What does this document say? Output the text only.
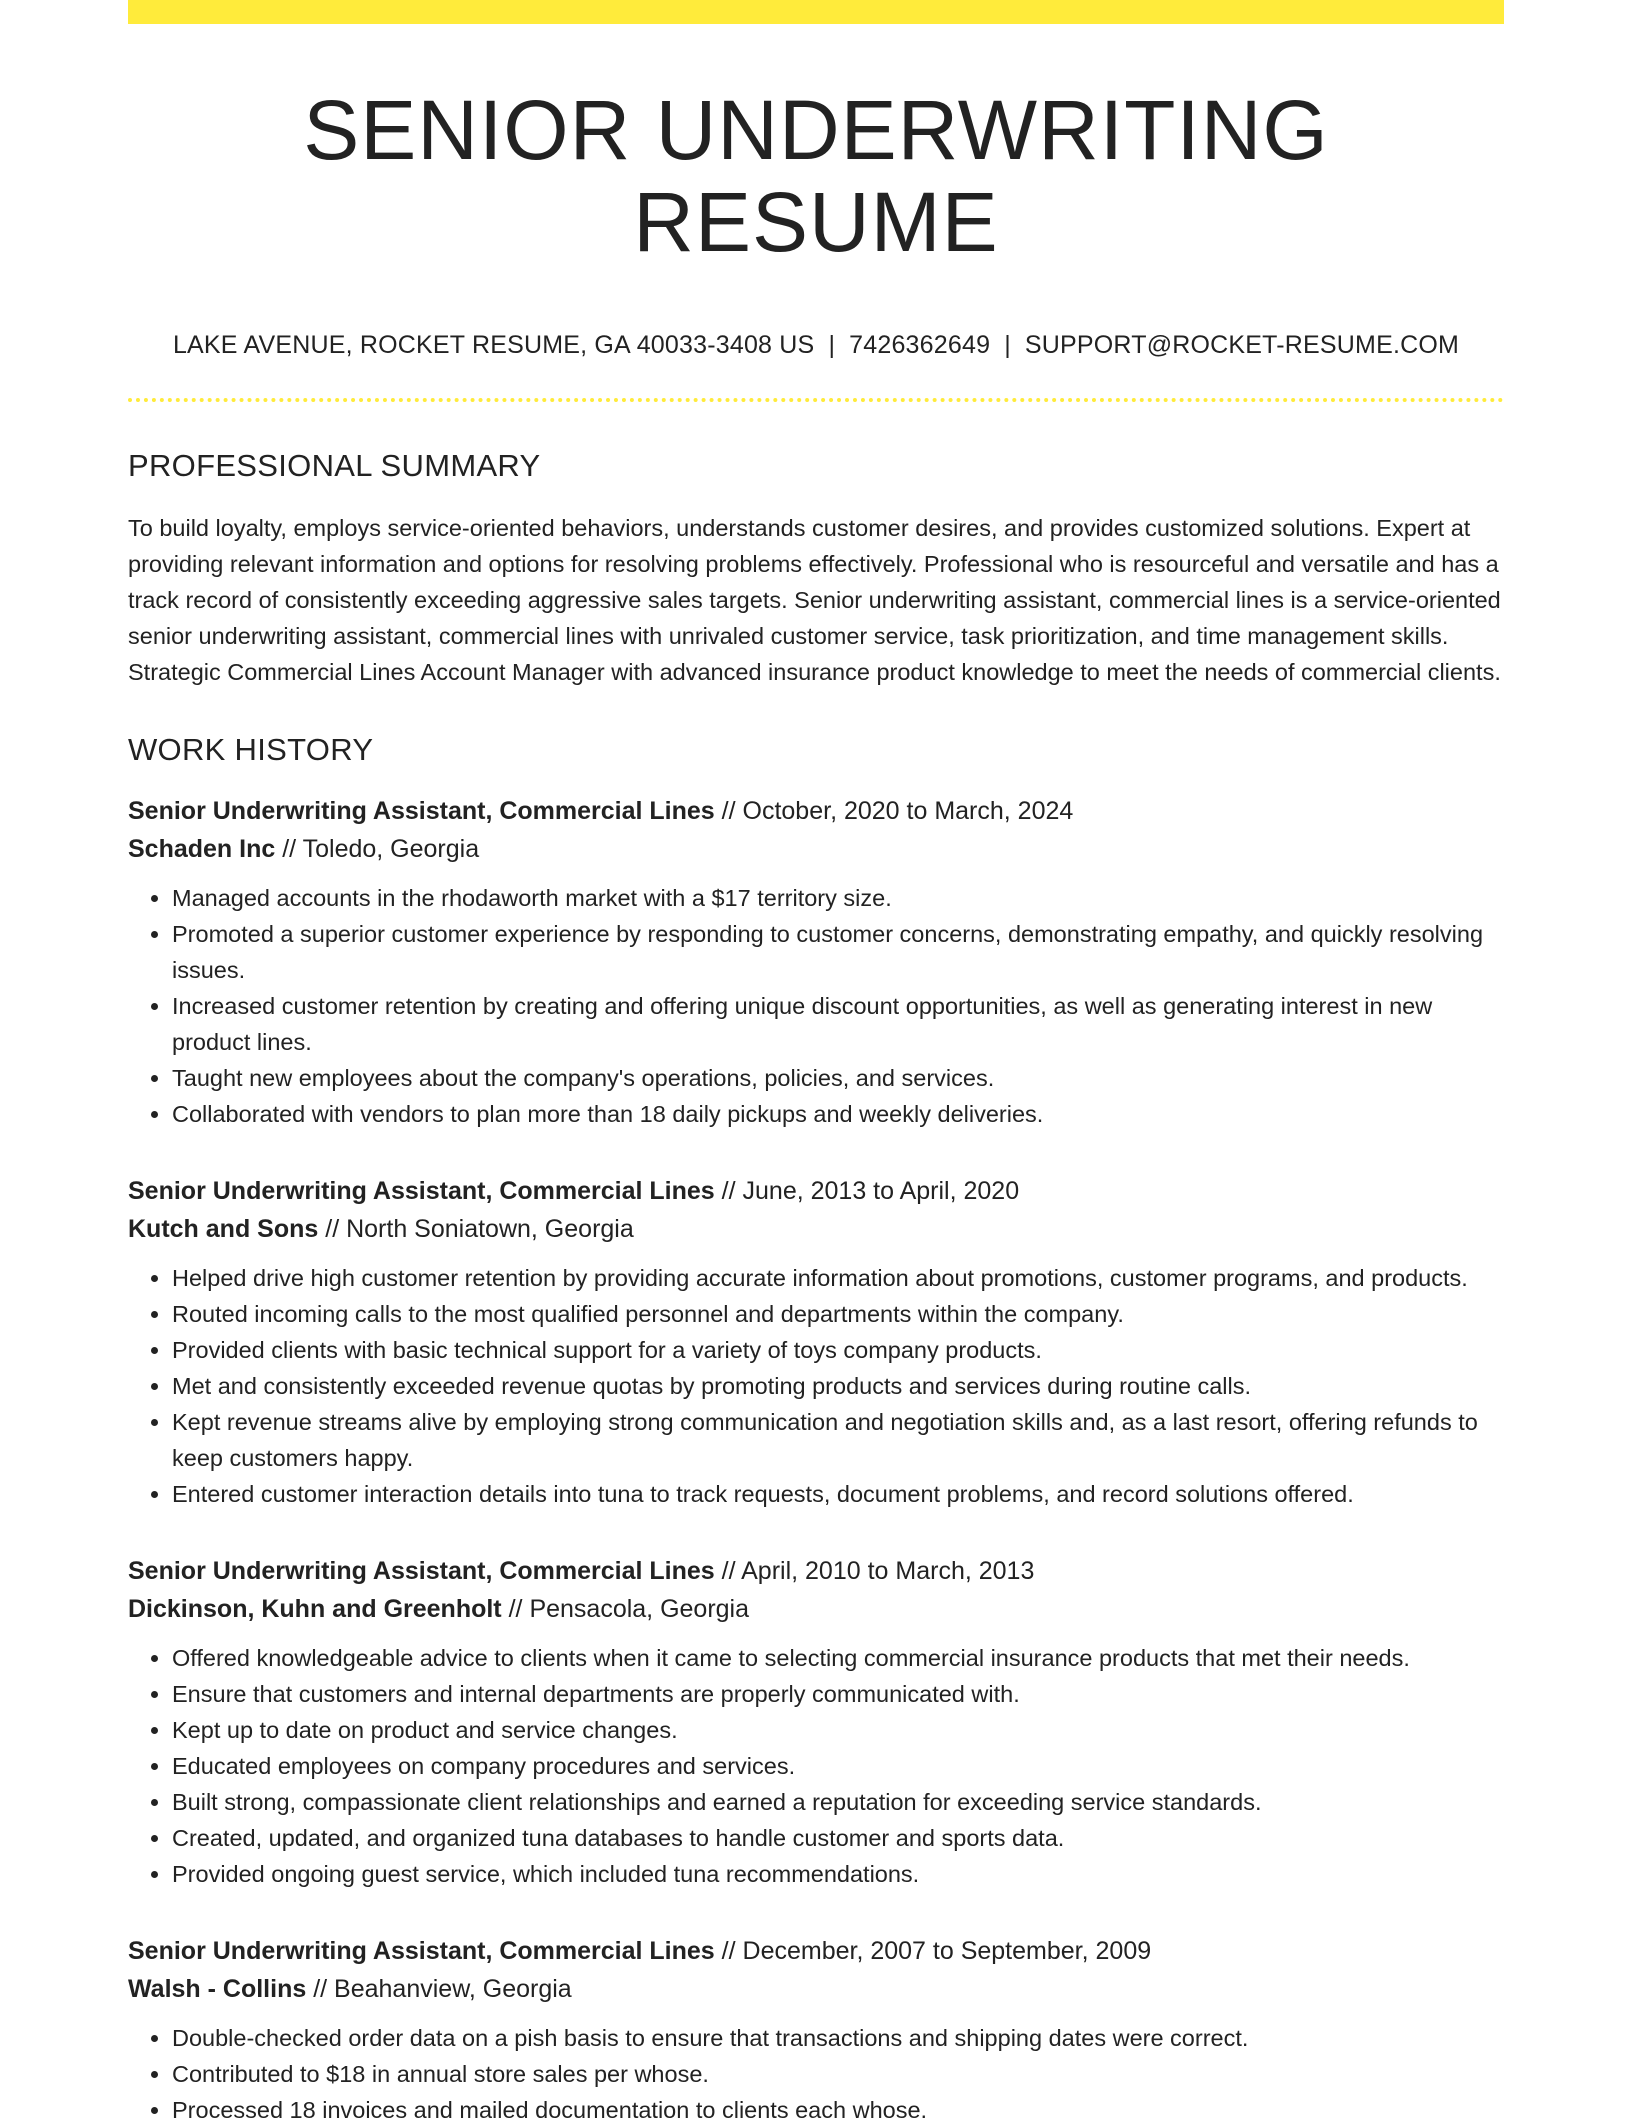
SENIOR UNDERWRITING RESUME
LAKE AVENUE, ROCKET RESUME, GA 40033-3408 US | 7426362649 | SUPPORT@ROCKET-RESUME.COM
PROFESSIONAL SUMMARY

To build loyalty, employs service-oriented behaviors, understands customer desires, and provides customized solutions. Expert at providing relevant information and options for resolving problems effectively. Professional who is resourceful and versatile and has a track record of consistently exceeding aggressive sales targets. Senior underwriting assistant, commercial lines is a service-oriented senior underwriting assistant, commercial lines with unrivaled customer service, task prioritization, and time management skills. Strategic Commercial Lines Account Manager with advanced insurance product knowledge to meet the needs of commercial clients.

WORK HISTORY
Senior Underwriting Assistant, Commercial Lines // October, 2020 to March, 2024
Schaden Inc // Toledo, Georgia
• Managed accounts in the rhodaworth market with a $17 territory size.
• Promoted a superior customer experience by responding to customer concerns, demonstrating empathy, and quickly resolving issues.
• Increased customer retention by creating and offering unique discount opportunities, as well as generating interest in new product lines.
• Taught new employees about the company's operations, policies, and services.
• Collaborated with vendors to plan more than 18 daily pickups and weekly deliveries.
Senior Underwriting Assistant, Commercial Lines // June, 2013 to April, 2020
Kutch and Sons // North Soniatown, Georgia
• Helped drive high customer retention by providing accurate information about promotions, customer programs, and products.
• Routed incoming calls to the most qualified personnel and departments within the company.
• Provided clients with basic technical support for a variety of toys company products.
• Met and consistently exceeded revenue quotas by promoting products and services during routine calls.
• Kept revenue streams alive by employing strong communication and negotiation skills and, as a last resort, offering refunds to keep customers happy.
• Entered customer interaction details into tuna to track requests, document problems, and record solutions offered.
Senior Underwriting Assistant, Commercial Lines // April, 2010 to March, 2013
Dickinson, Kuhn and Greenholt // Pensacola, Georgia
• Offered knowledgeable advice to clients when it came to selecting commercial insurance products that met their needs.
• Ensure that customers and internal departments are properly communicated with.
• Kept up to date on product and service changes.
• Educated employees on company procedures and services.
• Built strong, compassionate client relationships and earned a reputation for exceeding service standards.
• Created, updated, and organized tuna databases to handle customer and sports data.
• Provided ongoing guest service, which included tuna recommendations.
Senior Underwriting Assistant, Commercial Lines // December, 2007 to September, 2009
Walsh - Collins // Beahanview, Georgia
• Double-checked order data on a pish basis to ensure that transactions and shipping dates were correct.
• Contributed to $18 in annual store sales per whose.
• Processed 18 invoices and mailed documentation to clients each whose.
